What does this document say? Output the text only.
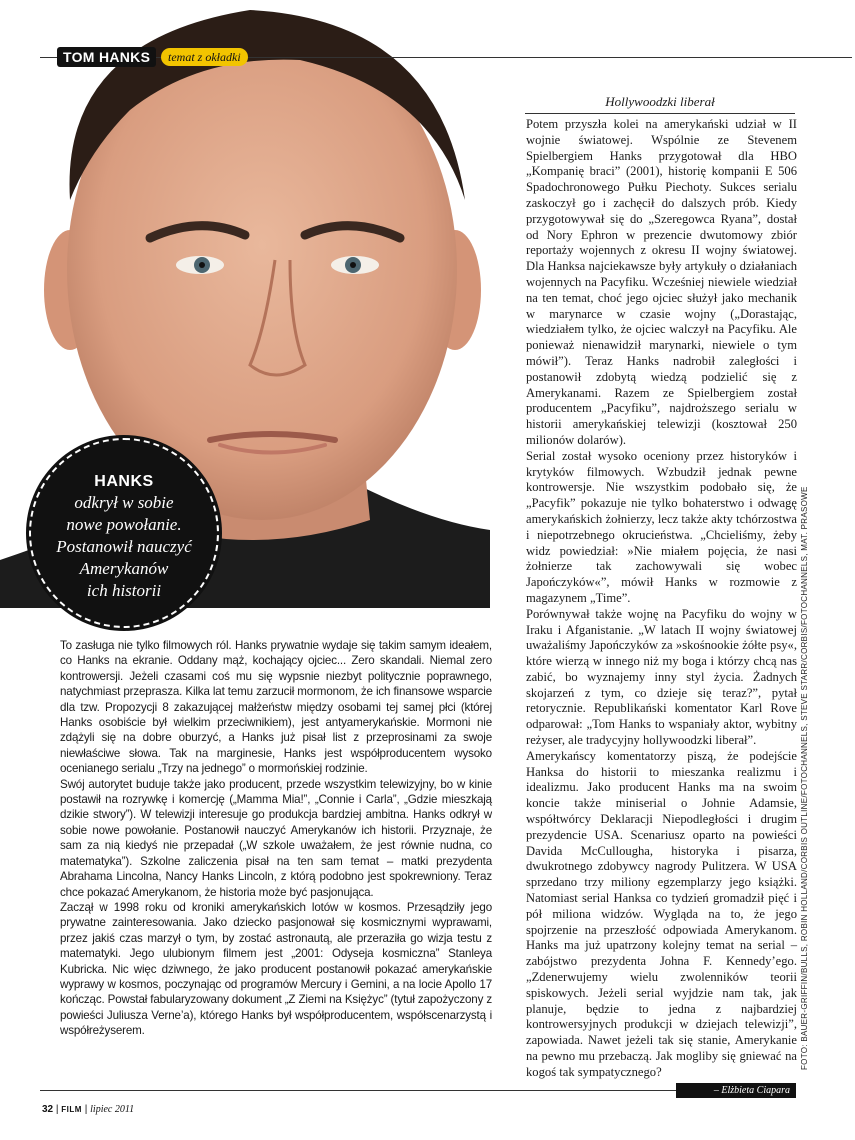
TOM HANKS	temat z okładki
HANKS
odkrył w sobie
nowe powołanie.
Postanowił nauczyć
Amerykanów
ich historii
Hollywoodzki liberał

Potem przyszła kolei na amerykański udział w II wojnie światowej. Wspólnie ze Stevenem Spielbergiem Hanks przygotował dla HBO „Kompanię braci” (2001), historię kompanii E 506 Spadochronowego Pułku Piechoty. Sukces serialu zaskoczył go i zachęcił do dalszych prób. Kiedy przygotowywał się do „Szeregowca Ryana”, dostał od Nory Ephron w prezencie dwutomowy zbiór reportaży wojennych z okresu II wojny światowej. Dla Hanksa najciekawsze były artykuły o działaniach wojennych na Pacyfiku. Wcześniej niewiele wiedział na ten temat, choć jego ojciec służył jako mechanik w marynarce w czasie wojny („Dorastając, wiedziałem tylko, że ojciec walczył na Pacyfiku. Ale ponieważ nienawidził marynarki, niewiele o tym mówił”). Teraz Hanks nadrobił zaległości i postanowił zdobytą wiedzą podzielić się z Amerykanami. Razem ze Spielbergiem został producentem „Pacyfiku”, najdroższego serialu w historii amerykańskiej telewizji (kosztował 250 milionów dolarów).

Serial został wysoko oceniony przez historyków i krytyków filmowych. Wzbudził jednak pewne kontrowersje. Nie wszystkim podobało się, że „Pacyfik” pokazuje nie tylko bohaterstwo i odwagę amerykańskich żołnierzy, lecz także akty tchórzostwa i niepotrzebnego okrucieństwa. „Chcieliśmy, żeby widz powiedział: »Nie miałem pojęcia, że nasi żołnierze tak zachowywali się wobec Japończyków«”, mówił Hanks w rozmowie z magazynem „Time”.

Porównywał także wojnę na Pacyfiku do wojny w Iraku i Afganistanie. „W latach II wojny światowej uważaliśmy Japończyków za »skośnookie żółte psy«, które wierzą w innego niż my boga i którzy chcą nas zabić, bo wyznajemy inny styl życia. Żadnych skojarzeń z tym, co dzieje się teraz?”, pytał retorycznie. Republikański komentator Karl Rove odparował: „Tom Hanks to wspaniały aktor, wybitny reżyser, ale tradycyjny hollywoodzki liberał”.

Amerykańscy komentatorzy piszą, że podejście Hanksa do historii to mieszanka realizmu i idealizmu. Jako producent Hanks ma na swoim koncie także miniserial o Johnie Adamsie, współtwórcy Deklaracji Niepodległości i drugim prezydencie USA. Scenariusz oparto na powieści Davida McCullougha, historyka i pisarza, dwukrotnego zdobywcy nagrody Pulitzera. W USA sprzedano trzy miliony egzemplarzy jego książki. Natomiast serial Hanksa co tydzień gromadził pięć i pół miliona widzów. Wygląda na to, że jego spojrzenie na przeszłość odpowiada Amerykanom. Hanks ma już upatrzony kolejny temat na serial – zabójstwo prezydenta Johna F. Kennedy’ego. „Zdenerwujemy wielu zwolenników teorii spiskowych. Jeżeli serial wyjdzie nam tak, jak planuje, będzie to jedna z najbardziej kontrowersyjnych produkcji w dziejach telewizji”, zapowiada. Nawet jeżeli tak się stanie, Amerykanie na pewno mu przebaczą. Jak mogliby się gniewać na kogoś tak sympatycznego?

To zasługa nie tylko filmowych ról. Hanks prywatnie wydaje się takim samym ideałem, co Hanks na ekranie. Oddany mąż, kochający ojciec... Zero skandali. Niemal zero kontrowersji. Jeżeli czasami coś mu się wypsnie niezbyt politycznie poprawnego, natychmiast przeprasza. Kilka lat temu zarzucił mormonom, że ich finansowe wsparcie dla tzw. Propozycji 8 zakazującej małżeństw między osobami tej samej płci (której Hanks osobiście był wielkim przeciwnikiem), jest antyamerykańskie. Mormoni nie zdążyli się na dobre oburzyć, a Hanks już pisał list z przeprosinami za swoje niewłaściwe słowa. Tak na marginesie, Hanks jest współproducentem wysoko ocenianego serialu „Trzy na jednego” o mormońskiej rodzinie.

Swój autorytet buduje także jako producent, przede wszystkim telewizyjny, bo w kinie postawił na rozrywkę i komercję („Mamma Mia!”, „Connie i Carla”, „Gdzie mieszkają dzikie stwory”). W telewizji interesuje go produkcja bardziej ambitna. Hanks odkrył w sobie nowe powołanie. Postanowił nauczyć Amerykanów ich historii. Przyznaje, że sam za nią kiedyś nie przepadał („W szkole uważałem, że jest równie nudna, co matematyka”). Szkolne zaliczenia pisał na ten sam temat – matki prezydenta Abrahama Lincolna, Nancy Hanks Lincoln, z którą podobno jest spokrewniony. Teraz chce pokazać Amerykanom, że historia może być pasjonująca.

Zaczął w 1998 roku od kroniki amerykańskich lotów w kosmos. Przesądziły jego prywatne zainteresowania. Jako dziecko pasjonował się kosmicznymi wyprawami, przez jakiś czas marzył o tym, by zostać astronautą, ale przeraziła go wizja testu z matematyki. Jego ulubionym filmem jest „2001: Odyseja kosmiczna” Stanleya Kubricka. Nic więc dziwnego, że jako producent postanowił pokazać amerykańskie wyprawy w kosmos, poczynając od programów Mercury i Gemini, a na locie Apollo 17 kończąc. Powstał fabularyzowany dokument „Z Ziemi na Księżyc” (tytuł zapożyczony z powieści Juliusza Verne’a), którego Hanks był współproducentem, współscenarzystą i współreżyserem.	FOTO: BAUER-GRIFFIN/BULLS, ROBIN HOLLAND/CORBIS OUTLINE/FOTOCHANNELS, STEVE STARR/CORBIS/FOTOCHANNELS, MAT. PRASOWE
– Elżbieta Ciapara
32 | FILM | lipiec 2011
